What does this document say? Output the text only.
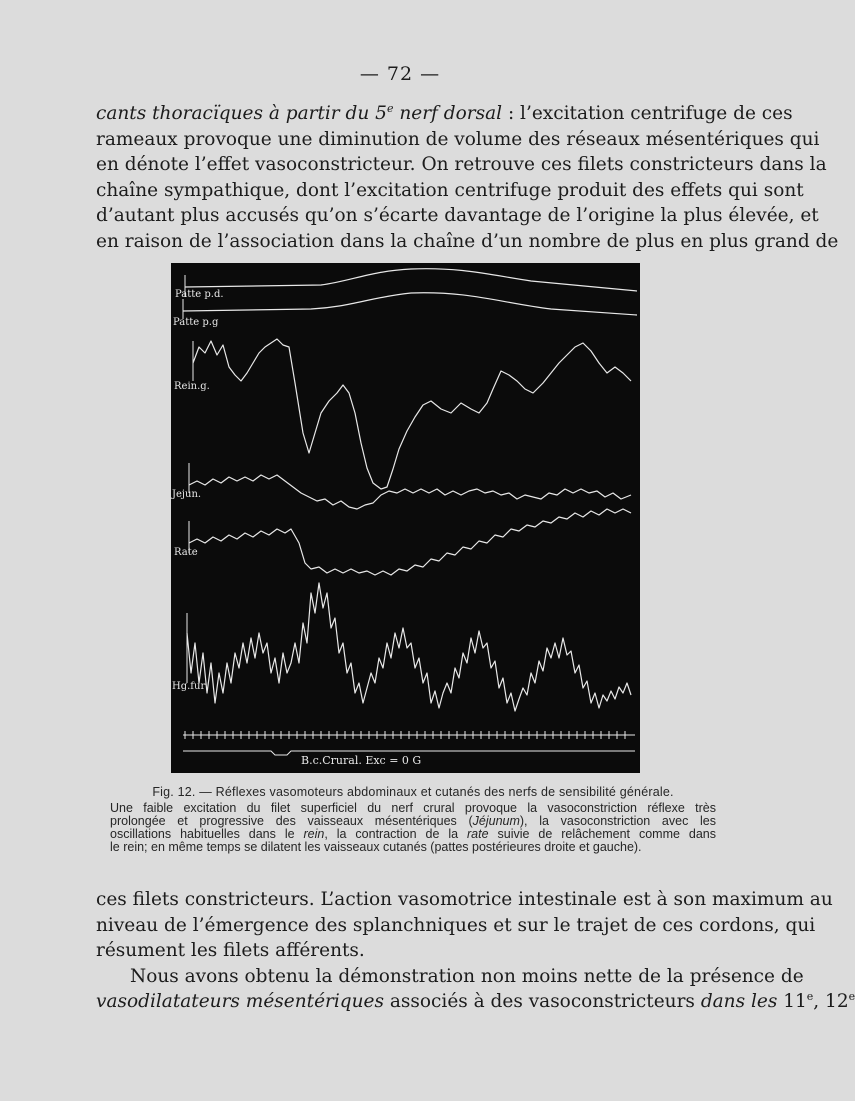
— 72 —
cants thoracïques à partir du 5e nerf dorsal : l’excitation centrifuge de ces
rameaux provoque une diminution de volume des réseaux mésentériques qui
en dénote l’effet vasoconstricteur. On retrouve ces filets constricteurs dans la
chaîne sympathique, dont l’excitation centrifuge produit des effets qui sont
d’autant plus accusés qu’on s’écarte davantage de l’origine la plus élevée, et
en raison de l’association dans la chaîne d’un nombre de plus en plus grand de
Patte p.d.
Patte p.g
Rein.g.
Jejun.
Rate
Hg.fur
B.c.Crural. Exc = 0 G
Fig. 12. — Réflexes vasomoteurs abdominaux et cutanés des nerfs de sensibilité générale.
Une faible excitation du filet superficiel du nerf crural provoque la vasoconstriction réflexe très
prolongée et progressive des vaisseaux mésentériques (Jéjunum), la vasoconstriction avec les
oscillations habituelles dans le rein, la contraction de la rate suivie de relâchement comme dans
le rein; en même temps se dilatent les vaisseaux cutanés (pattes postérieures droite et gauche).
ces filets constricteurs. L’action vasomotrice intestinale est à son maximum au
niveau de l’émergence des splanchniques et sur le trajet de ces cordons, qui
résument les filets afférents.
Nous avons obtenu la démonstration non moins nette de la présence de
vasodilatateurs mésentériques associés à des vasoconstricteurs dans les 11e, 12e
